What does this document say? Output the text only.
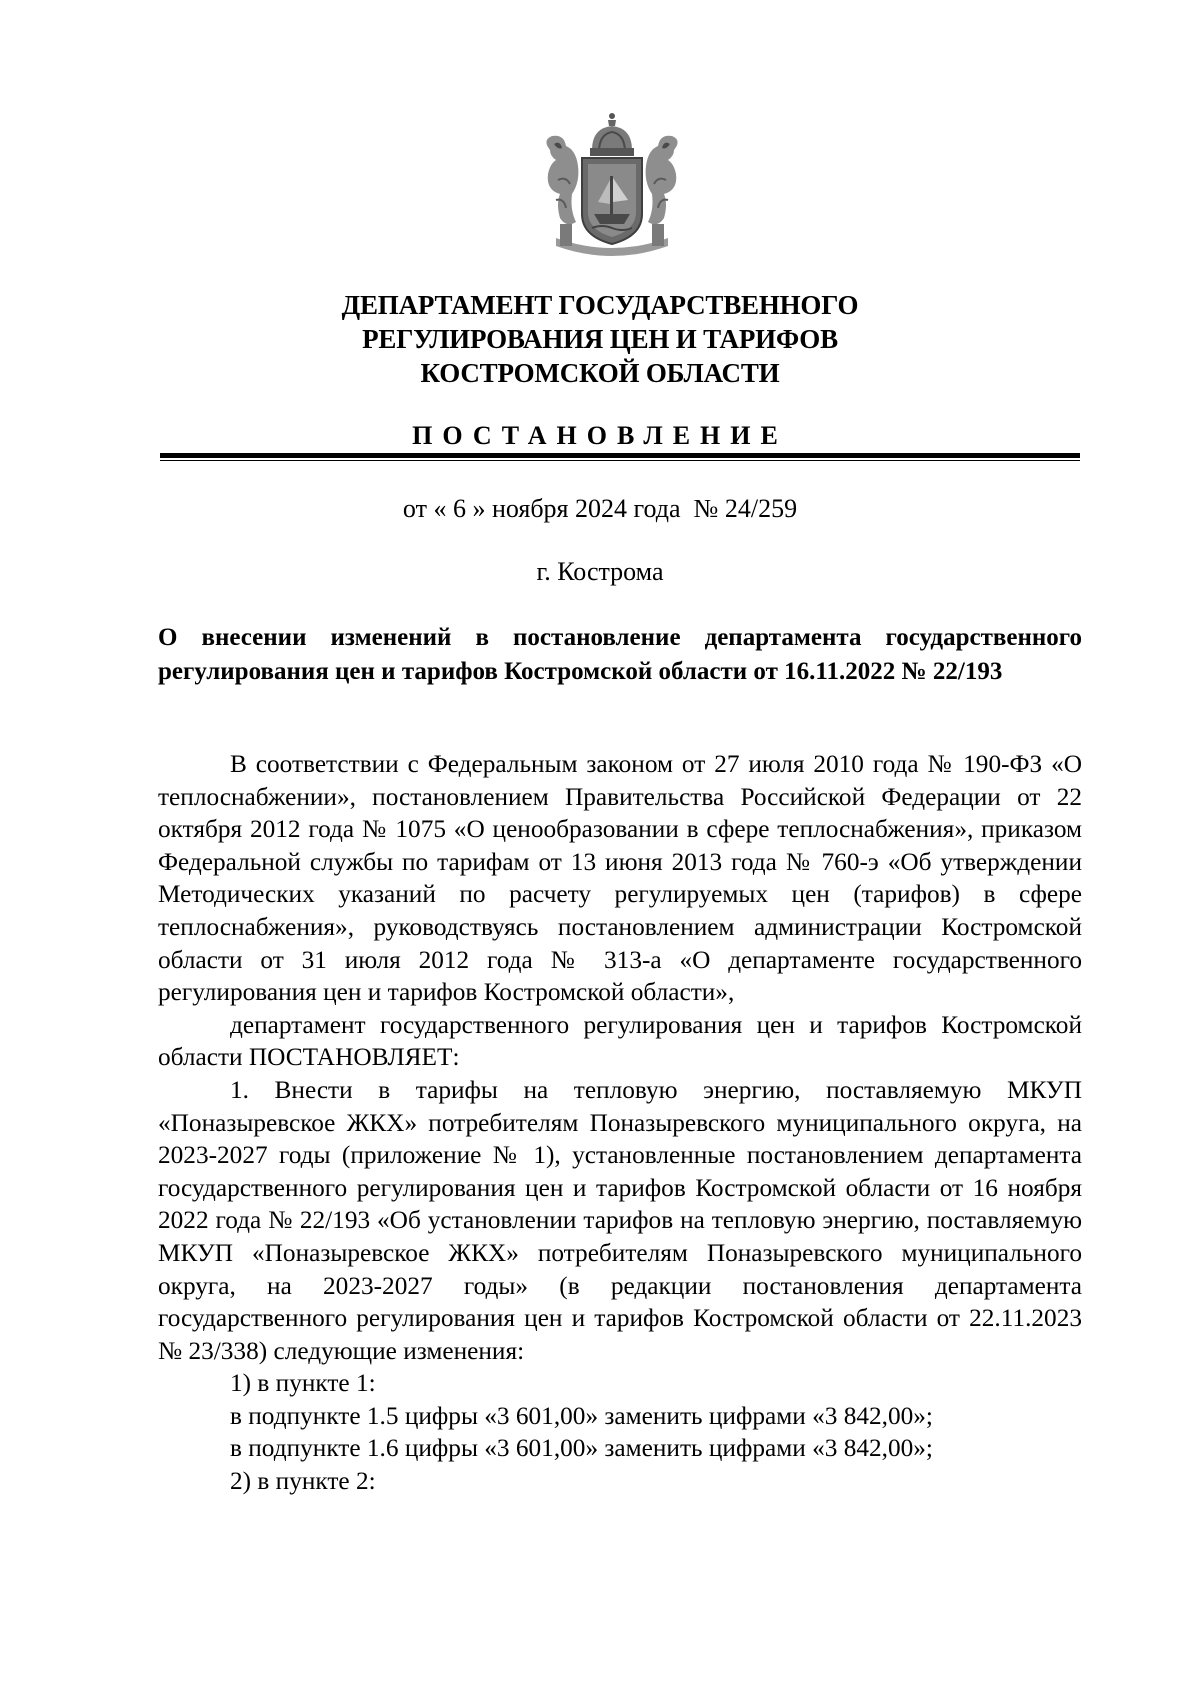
ДЕПАРТАМЕНТ ГОСУДАРСТВЕННОГО
РЕГУЛИРОВАНИЯ ЦЕН И ТАРИФОВ
КОСТРОМСКОЙ ОБЛАСТИ
ПОСТАНОВЛЕНИЕ
от « 6 » ноября 2024 года  № 24/259
г. Кострома
О внесении изменений в постановление департамента государственного регулирования цен и тарифов Костромской области от 16.11.2022 № 22/193

В соответствии с Федеральным законом от 27 июля 2010 года № 190-ФЗ «О теплоснабжении», постановлением Правительства Российской Федерации от 22 октября 2012 года № 1075 «О ценообразовании в сфере теплоснабжения», приказом Федеральной службы по тарифам от 13 июня 2013 года № 760-э «Об утверждении Методических указаний по расчету регулируемых цен (тарифов) в сфере теплоснабжения», руководствуясь постановлением администрации Костромской области от 31 июля 2012 года № 313-а «О департаменте государственного регулирования цен и тарифов Костромской области»,

департамент государственного регулирования цен и тарифов Костромской области ПОСТАНОВЛЯЕТ:

1. Внести в тарифы на тепловую энергию, поставляемую МКУП «Поназыревское ЖКХ» потребителям Поназыревского муниципального округа, на 2023-2027 годы (приложение № 1), установленные постановлением департамента государственного регулирования цен и тарифов Костромской области от 16 ноября 2022 года № 22/193 «Об установлении тарифов на тепловую энергию, поставляемую МКУП «Поназыревское ЖКХ» потребителям Поназыревского муниципального округа, на 2023-2027 годы» (в редакции постановления департамента государственного регулирования цен и тарифов Костромской области от 22.11.2023 № 23/338) следующие изменения:

1) в пункте 1:

в подпункте 1.5 цифры «3 601,00» заменить цифрами «3 842,00»;

в подпункте 1.6 цифры «3 601,00» заменить цифрами «3 842,00»;

2) в пункте 2:
